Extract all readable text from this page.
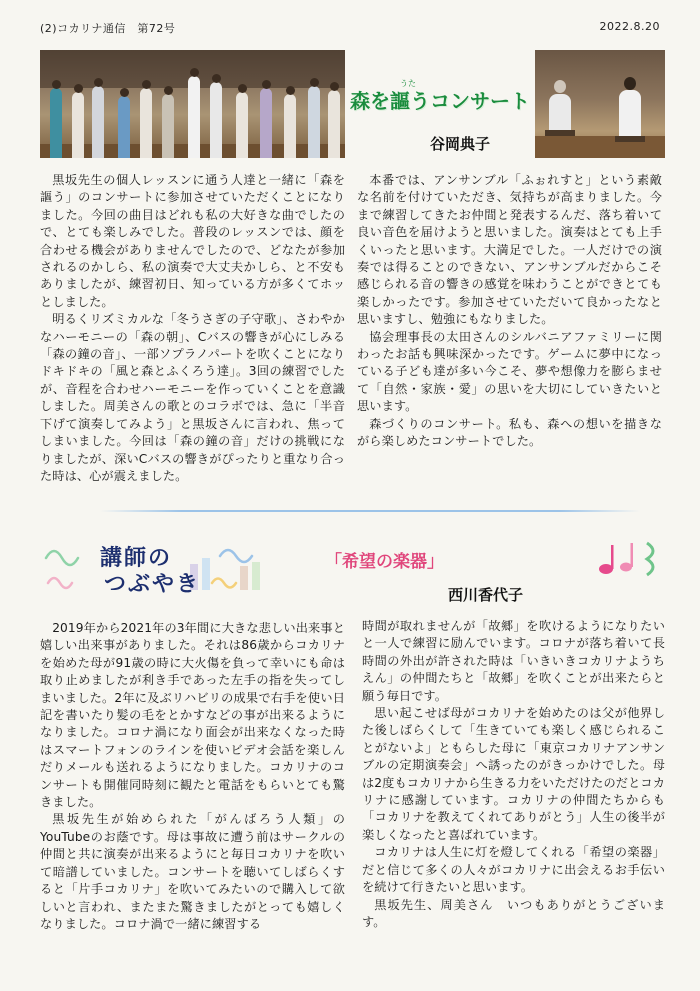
(2)コカリナ通信　第72号	2022.8.20
うた
森を謳うコンサート
谷岡典子

黒坂先生の個人レッスンに通う人達と一緒に「森を謳う」のコンサートに参加させていただくことになりました。今回の曲目はどれも私の大好きな曲でしたので、とても楽しみでした。普段のレッスンでは、顔を合わせる機会がありませんでしたので、どなたが参加されるのかしら、私の演奏で大丈夫かしら、と不安もありましたが、練習初日、知っている方が多くてホッとしました。

明るくリズミカルな「冬うさぎの子守歌」、さわやかなハーモニーの「森の朝」、Cバスの響きが心にしみる「森の鐘の音」、一部ソプラノパートを吹くことになりドキドキの「風と森とふくろう達」。3回の練習でしたが、音程を合わせハーモニーを作っていくことを意識しました。周美さんの歌とのコラボでは、急に「半音下げて演奏してみよう」と黒坂さんに言われ、焦ってしまいました。今回は「森の鐘の音」だけの挑戦になりましたが、深いCバスの響きがぴったりと重なり合った時は、心が震えました。

本番では、アンサンブル「ふぉれすと」という素敵な名前を付けていただき、気持ちが高まりました。今まで練習してきたお仲間と発表するんだ、落ち着いて良い音色を届けようと思いました。演奏はとても上手くいったと思います。大満足でした。一人だけでの演奏では得ることのできない、アンサンブルだからこそ感じられる音の響きの感覚を味わうことができとても楽しかったです。参加させていただいて良かったなと思いますし、勉強にもなりました。

協会理事長の太田さんのシルバニアファミリーに関わったお話も興味深かったです。ゲームに夢中になっている子ども達が多い今こそ、夢や想像力を膨らませて「自然・家族・愛」の思いを大切にしていきたいと思います。

森づくりのコンサート。私も、森への想いを描きながら楽しめたコンサートでした。

講師の
つぶやき
「希望の楽器」
西川香代子

2019年から2021年の3年間に大きな悲しい出来事と嬉しい出来事がありました。それは86歳からコカリナを始めた母が91歳の時に大火傷を負って幸いにも命は取り止めましたが利き手であった左手の指を失ってしまいました。2年に及ぶリハビリの成果で右手を使い日記を書いたり髪の毛をとかすなどの事が出来るようになりました。コロナ渦になり面会が出来なくなった時はスマートフォンのラインを使いビデオ会話を楽しんだりメールも送れるようになりました。コカリナのコンサートも開催同時刻に観たと電話をもらいとても驚きました。

黒坂先生が始められた「がんばろう人類」のYouTubeのお蔭です。母は事故に遭う前はサークルの仲間と共に演奏が出来るようにと毎日コカリナを吹いて暗譜していました。コンサートを聴いてしばらくすると「片手コカリナ」を吹いてみたいので購入して欲しいと言われ、またまた驚きましたがとっても嬉しくなりました。コロナ渦で一緒に練習する

時間が取れませんが「故郷」を吹けるようになりたいと一人で練習に励んでいます。コロナが落ち着いて長時間の外出が許された時は「いきいきコカリナようちえん」の仲間たちと「故郷」を吹くことが出来たらと願う毎日です。

思い起こせば母がコカリナを始めたのは父が他界した後しばらくして「生きていても楽しく感じられることがないよ」ともらした母に「東京コカリナアンサンブルの定期演奏会」へ誘ったのがきっかけでした。母は2度もコカリナから生きる力をいただけたのだとコカリナに感謝しています。コカリナの仲間たちからも「コカリナを教えてくれてありがとう」人生の後半が楽しくなったと喜ばれています。

コカリナは人生に灯を燈してくれる「希望の楽器」だと信じて多くの人々がコカリナに出会えるお手伝いを続けて行きたいと思います。

黒坂先生、周美さん　いつもありがとうございます。
